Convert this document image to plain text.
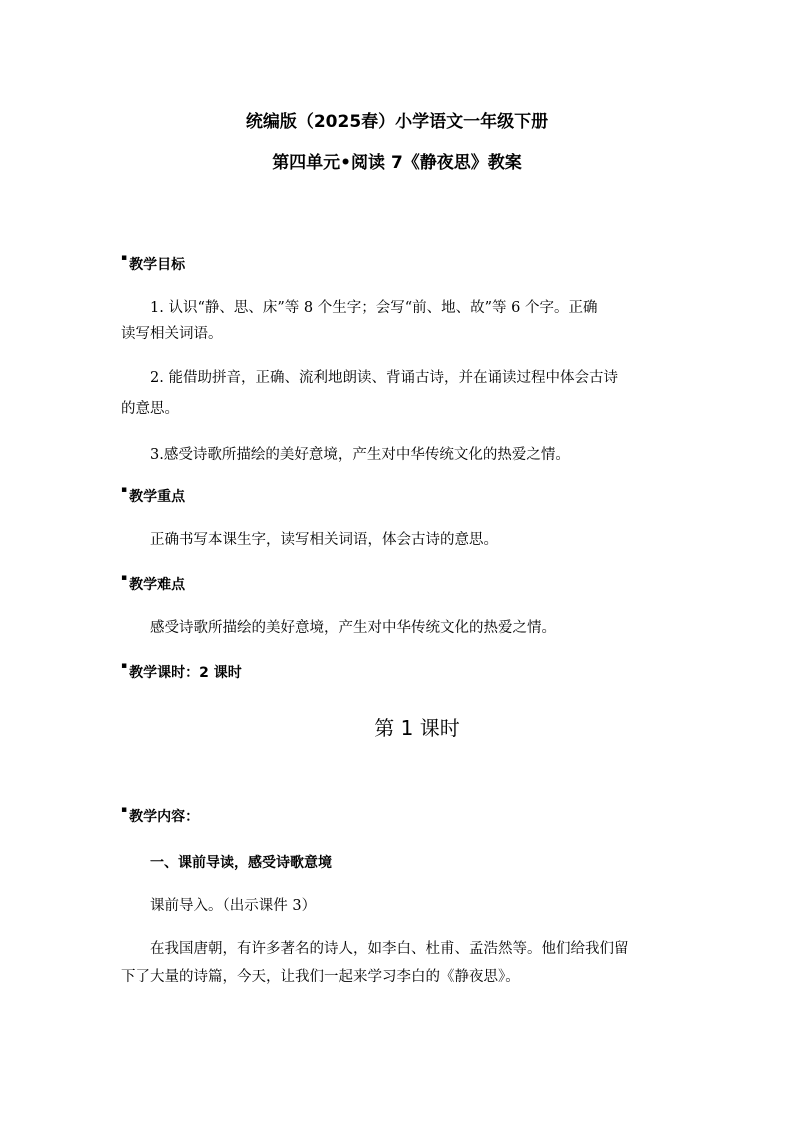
统编版（2025春）小学语文一年级下册
第四单元•阅读 7《静夜思》教案
▪ 教学目标
1. 认识“静、思、床”等 8 个生字；会写“前、地、故”等 6 个字。正确
读写相关词语。
2. 能借助拼音，正确、流利地朗读、背诵古诗，并在诵读过程中体会古诗
的意思。
3.感受诗歌所描绘的美好意境，产生对中华传统文化的热爱之情。
▪ 教学重点
正确书写本课生字，读写相关词语，体会古诗的意思。
▪ 教学难点
感受诗歌所描绘的美好意境，产生对中华传统文化的热爱之情。
▪ 教学课时：2 课时
第 1 课时
▪ 教学内容：
一、课前导读，感受诗歌意境
课前导入。（出示课件 3）
在我国唐朝，有许多著名的诗人，如李白、杜甫、孟浩然等。他们给我们留
下了大量的诗篇，今天，让我们一起来学习李白的《静夜思》。
